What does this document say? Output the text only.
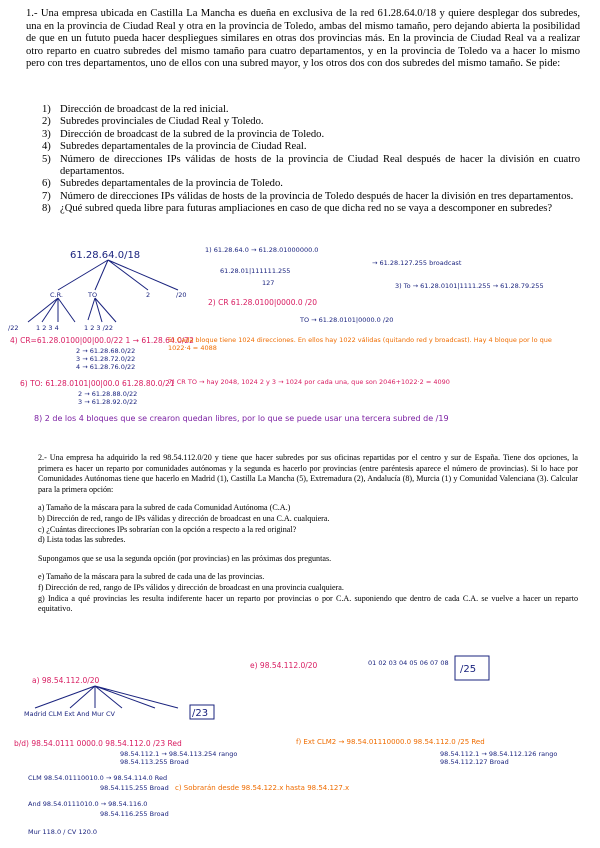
1.- Una empresa ubicada en Castilla La Mancha es dueña en exclusiva de la red 61.28.64.0/18 y quiere desplegar dos subredes, una en la provincia de Ciudad Real y otra en la provincia de Toledo, ambas del mismo tamaño, pero dejando abierta la posibilidad de que en un fututo pueda hacer despliegues similares en otras dos provincias más. En la provincia de Ciudad Real va a realizar otro reparto en cuatro subredes del mismo tamaño para cuatro departamentos, y en la provincia de Toledo va a hacer lo mismo pero con tres departamentos, uno de ellos con una subred mayor, y los otros dos con dos subredes del mismo tamaño. Se pide:
1) Dirección de broadcast de la red inicial.
2) Subredes provinciales de Ciudad Real y Toledo.
3) Dirección de broadcast de la subred de la provincia de Toledo.
4) Subredes departamentales de la provincia de Ciudad Real.
5) Número de direcciones IPs válidas de hosts de la provincia de Ciudad Real después de hacer la división en cuatro departamentos.
6) Subredes departamentales de la provincia de Toledo.
7) Número de direcciones IPs válidas de hosts de la provincia de Toledo después de hacer la división en tres departamentos.
8) ¿Qué subred queda libre para futuras ampliaciones en caso de que dicha red no se vaya a descomponer en subredes?
61.28.64.0/18
C.R.	TO	2	/20
/22	1 2 3 4	1 2 3 /22
1) 61.28.64.0 → 61.28.01000000.0
61.28.01|111111.255
127
→ 61.28.127.255 broadcast
2) CR 61.28.0100|0000.0 /20
TO → 61.28.0101|0000.0 /20
3) To → 61.28.0101|1111.255 → 61.28.79.255
4) CR=61.28.0100|00|00.0/22 1 → 61.28.64.0/22
2 → 61.28.68.0/22
3 → 61.28.72.0/22
4 → 61.28.76.0/22
5) Cada bloque tiene 1024 direcciones. En ellos hay 1022 válidas (quitando red y broadcast). Hay 4 bloque por lo que 1022·4 = 4088
6) TO: 61.28.0101|00|00.0 61.28.80.0/21
2 → 61.28.88.0/22
3 → 61.28.92.0/22
7) CR TO → hay 2048, 1024 2 y 3 → 1024 por cada una, que son 2046+1022·2 = 4090
8) 2 de los 4 bloques que se crearon quedan libres, por lo que se puede usar una tercera subred de /19
a) 98.54.112.0/20
Madrid CLM Ext And Mur CV	/23
e) 98.54.112.0/20	01 02 03 04 05 06 07 08
/25
b/d) 98.54.0111 0000.0 98.54.112.0 /23 Red
98.54.112.1 → 98.54.113.254 rango
98.54.113.255 Broad
CLM 98.54.01110010.0 → 98.54.114.0 Red
98.54.115.255 Broad
And 98.54.0111010.0 → 98.54.116.0
98.54.116.255 Broad
Mur 118.0 / CV 120.0
f) Ext CLM2 → 98.54.01110000.0 98.54.112.0 /25 Red
98.54.112.1 → 98.54.112.126 rango
98.54.112.127 Broad
c) Sobrarán desde 98.54.122.x hasta 98.54.127.x

2.- Una empresa ha adquirido la red 98.54.112.0/20 y tiene que hacer subredes por sus oficinas repartidas por el centro y sur de España. Tiene dos opciones, la primera es hacer un reparto por comunidades autónomas y la segunda es hacerlo por provincias (entre paréntesis aparece el número de provincias). Si lo hace por Comunidades Autónomas tiene que hacerlo en Madrid (1), Castilla La Mancha (5), Extremadura (2), Andalucía (8), Murcia (1) y Comunidad Valenciana (3). Calcular para la primera opción:

a) Tamaño de la máscara para la subred de cada Comunidad Autónoma (C.A.)

b) Dirección de red, rango de IPs válidas y dirección de broadcast en una C.A. cualquiera.

c) ¿Cuántas direcciones IPs sobrarían con la opción a respecto a la red original?

d) Lista todas las subredes.

Supongamos que se usa la segunda opción (por provincias) en las próximas dos preguntas.

e) Tamaño de la máscara para la subred de cada una de las provincias.

f) Dirección de red, rango de IPs válidos y dirección de broadcast en una provincia cualquiera.

g) Indica a qué provincias les resulta indiferente hacer un reparto por provincias o por C.A. suponiendo que dentro de cada C.A. se vuelve a hacer un reparto equitativo.
